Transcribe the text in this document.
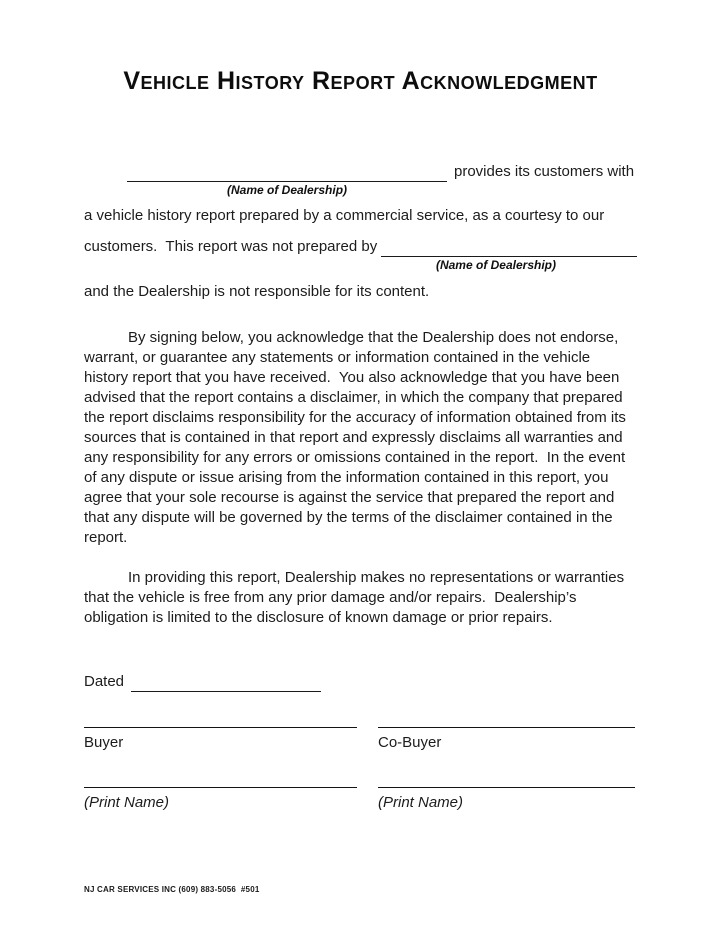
Vehicle History Report Acknowledgment
provides its customers with
(Name of Dealership)
a vehicle history report prepared by a commercial service, as a courtesy to our
customers.  This report was not prepared by
(Name of Dealership)
and the Dealership is not responsible for its content.

By signing below, you acknowledge that the Dealership does not endorse, warrant, or guarantee any statements or information contained in the vehicle history report that you have received.  You also acknowledge that you have been advised that the report contains a disclaimer, in which the company that prepared the report disclaims responsibility for the accuracy of information obtained from its sources that is contained in that report and expressly disclaims all warranties and any responsibility for any errors or omissions contained in the report.  In the event of any dispute or issue arising from the information contained in this report, you agree that your sole recourse is against the service that prepared the report and that any dispute will be governed by the terms of the disclaimer contained in the report.

In providing this report, Dealership makes no representations or warranties that the vehicle is free from any prior damage and/or repairs.  Dealership’s obligation is limited to the disclosure of known damage or prior repairs.

Dated
Buyer	Co-Buyer
(Print Name)	(Print Name)
NJ CAR SERVICES INC (609) 883-5056  #501
